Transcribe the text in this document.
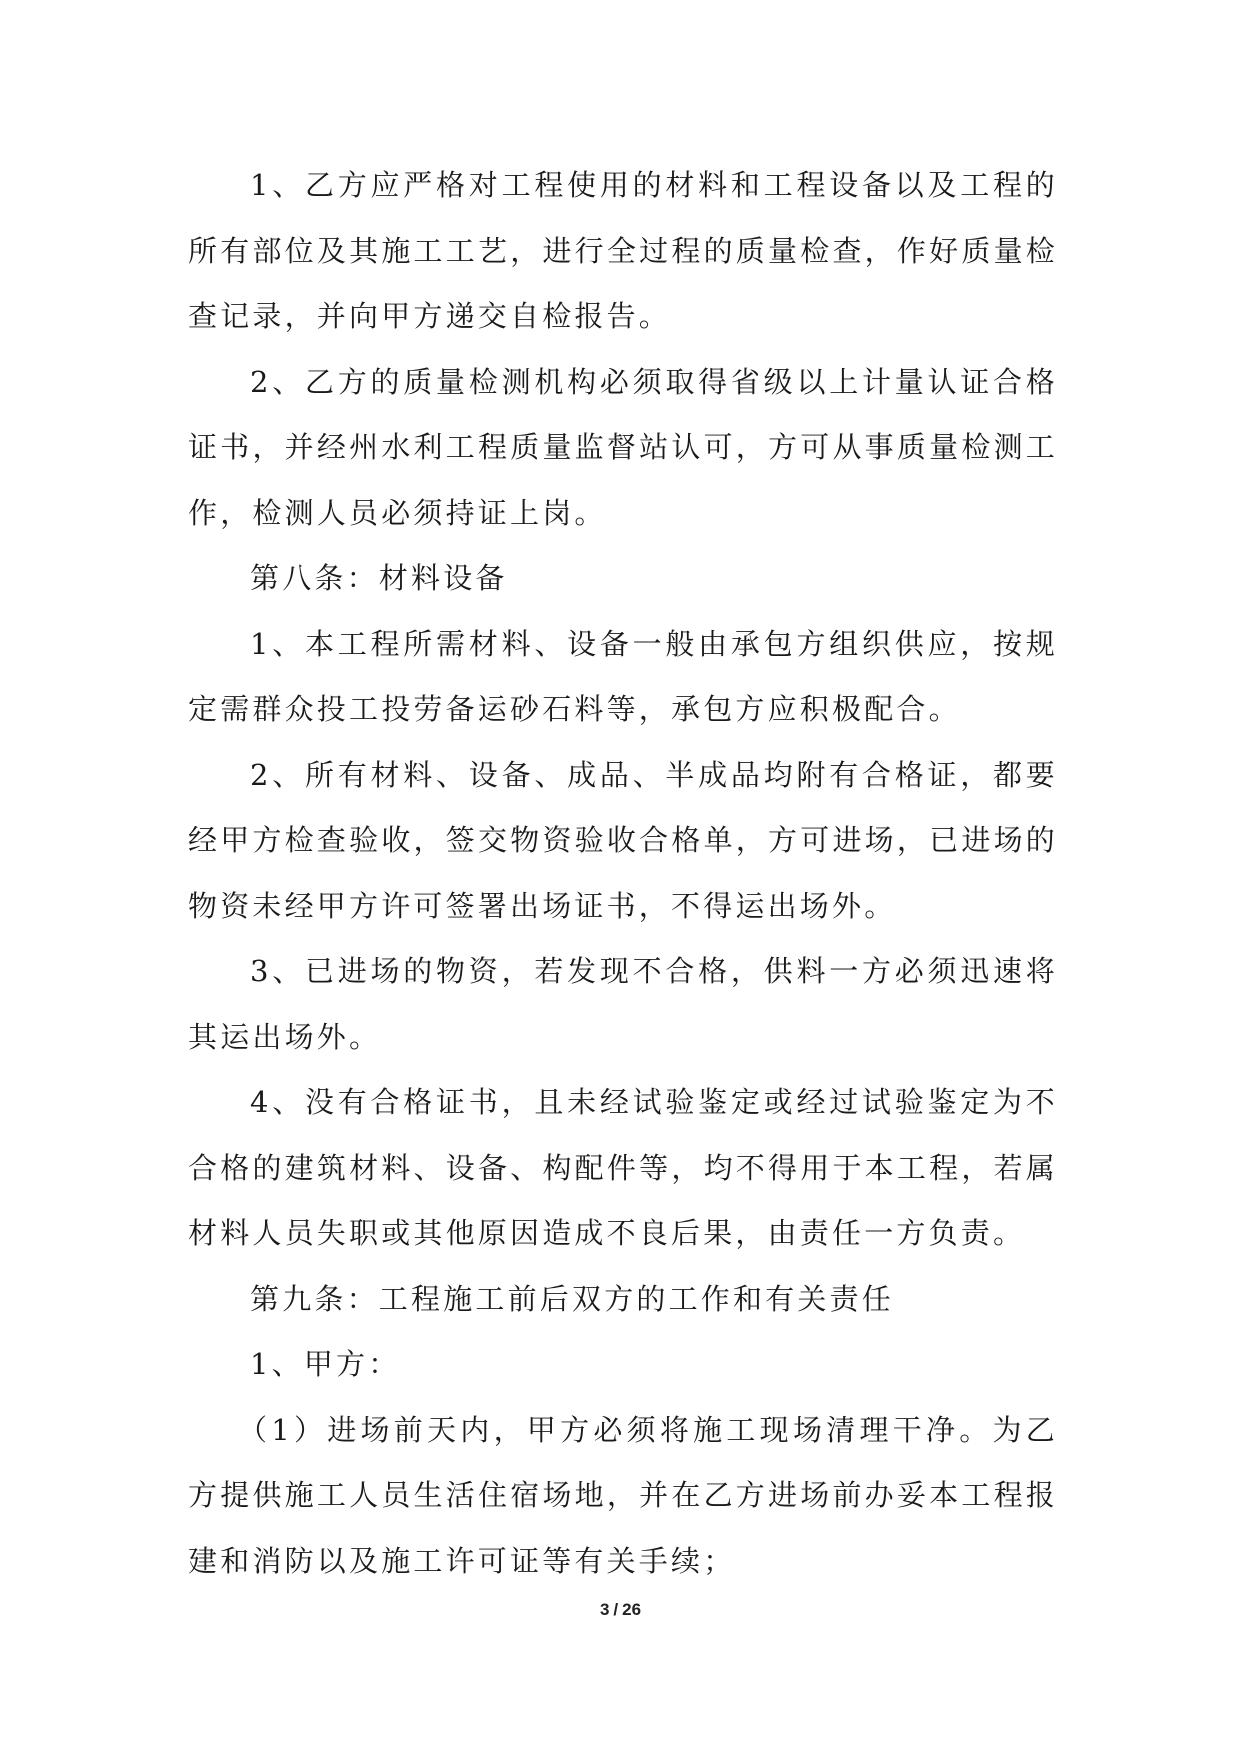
1、乙方应严格对工程使用的材料和工程设备以及工程的所有部位及其施工工艺，进行全过程的质量检查，作好质量检查记录，并向甲方递交自检报告。

2、乙方的质量检测机构必须取得省级以上计量认证合格证书，并经州水利工程质量监督站认可，方可从事质量检测工作，检测人员必须持证上岗。

第八条：材料设备

1、本工程所需材料、设备一般由承包方组织供应，按规定需群众投工投劳备运砂石料等，承包方应积极配合。

2、所有材料、设备、成品、半成品均附有合格证，都要经甲方检查验收，签交物资验收合格单，方可进场，已进场的物资未经甲方许可签署出场证书，不得运出场外。

3、已进场的物资，若发现不合格，供料一方必须迅速将其运出场外。

4、没有合格证书，且未经试验鉴定或经过试验鉴定为不合格的建筑材料、设备、构配件等，均不得用于本工程，若属材料人员失职或其他原因造成不良后果，由责任一方负责。

第九条：工程施工前后双方的工作和有关责任

1、甲方：

（1）进场前天内，甲方必须将施工现场清理干净。为乙方提供施工人员生活住宿场地，并在乙方进场前办妥本工程报建和消防以及施工许可证等有关手续；

3 / 26
